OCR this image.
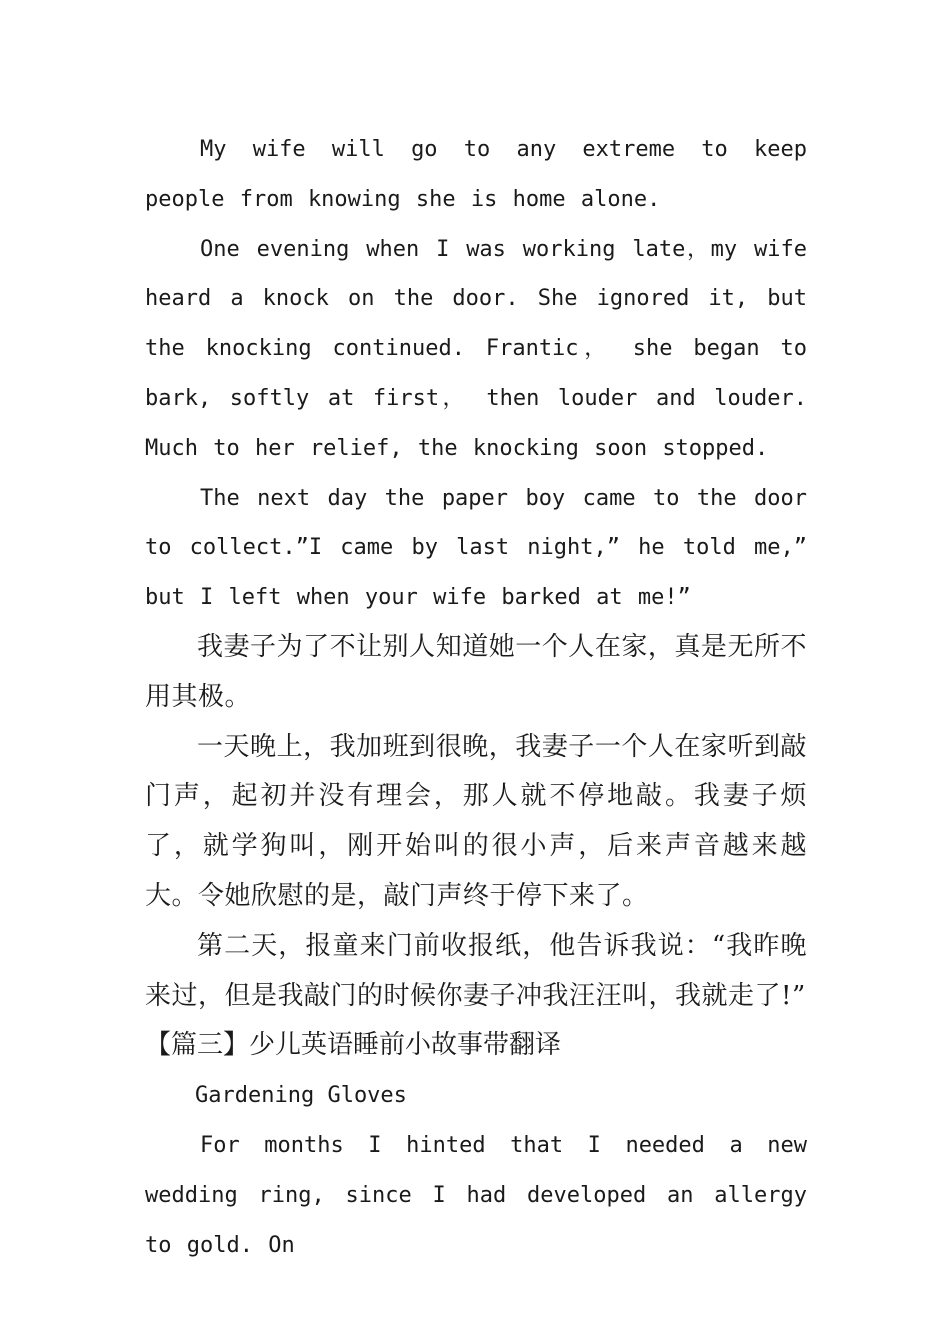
My wife will go to any extreme to keep people from knowing she is home alone.

One evening when I was working late，my wife heard a knock on the door. She ignored it, but the knocking continued. Frantic， she began to bark, softly at first， then louder and louder. Much to her relief, the knocking soon stopped.

The next day the paper boy came to the door to collect.”I came by last night,” he told me,” but I left when your wife barked at me!”

我妻子为了不让别人知道她一个人在家，真是无所不用其极。

一天晚上，我加班到很晚，我妻子一个人在家听到敲门声，起初并没有理会，那人就不停地敲。我妻子烦了，就学狗叫，刚开始叫的很小声，后来声音越来越大。令她欣慰的是，敲门声终于停下来了。

第二天，报童来门前收报纸，他告诉我说：“我昨晚来过，但是我敲门的时候你妻子冲我汪汪叫，我就走了!”

【篇三】少儿英语睡前小故事带翻译

Gardening Gloves

For months I hinted that I needed a new wedding ring, since I had developed an allergy to gold. On
